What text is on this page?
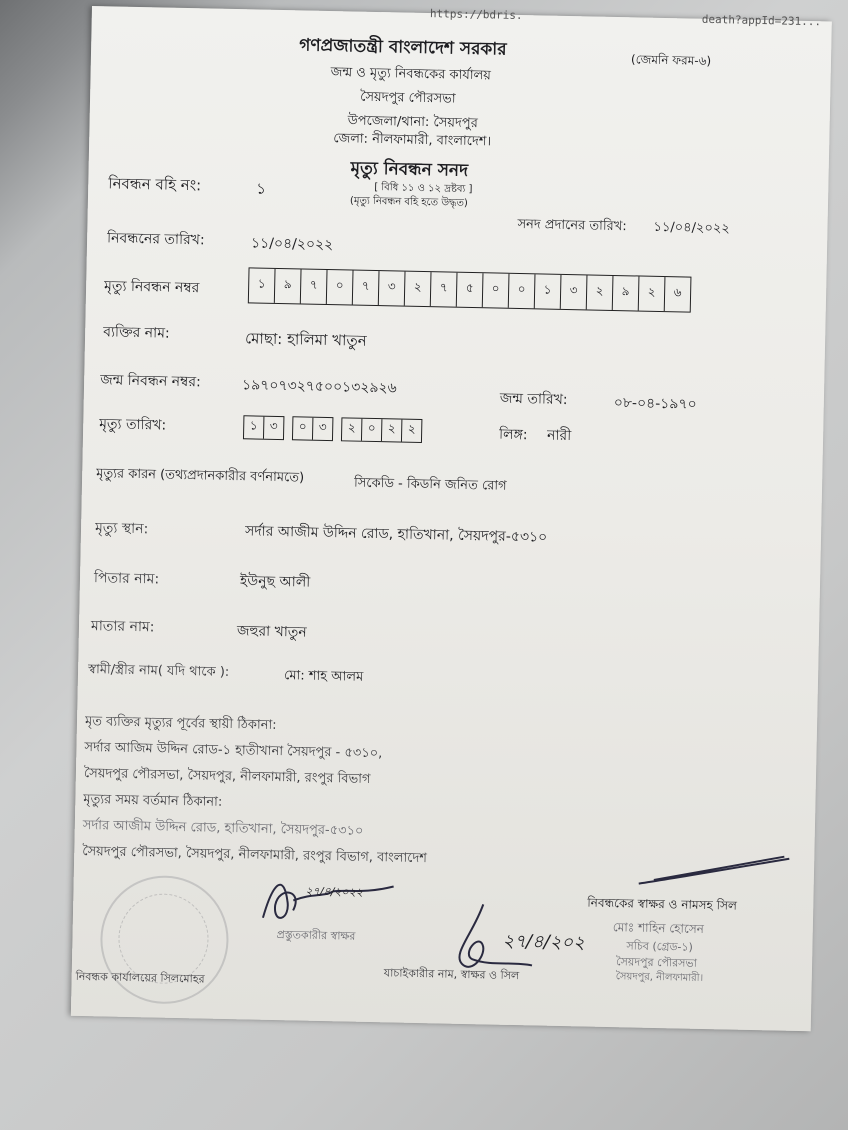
https://bdris.	death?appId=231...
গণপ্রজাতন্ত্রী বাংলাদেশ সরকার
(জেমনি ফরম-৬)
জন্ম ও মৃত্যু নিবন্ধকের কার্যালয়
সৈয়দপুর পৌরসভা
উপজেলা/থানা: সৈয়দপুর
জেলা: নীলফামারী, বাংলাদেশ।
মৃত্যু নিবন্ধন সনদ
[ বিধি ১১ ও ১২ দ্রষ্টব্য ]
(মৃত্যু নিবন্ধন বহি হতে উদ্ধৃত)
নিবন্ধন বহি নং:	১
সনদ প্রদানের তারিখ: ১১/০৪/২০২২
নিবন্ধনের তারিখ:	১১/০৪/২০২২
মৃত্যু নিবন্ধন নম্বর	১	৯	৭	০	৭	৩	২	৭	৫	০	০	১	৩	২	৯	২	৬
ব্যক্তির নাম:	মোছা: হালিমা খাতুন
জন্ম নিবন্ধন নম্বর:	১৯৭০৭৩২৭৫০০১৩২৯২৬
জন্ম তারিখ:	০৮-০৪-১৯৭০
মৃত্যু তারিখ:	১ ৩	০ ৩	২ ০ ২ ২	লিঙ্গ: নারী
মৃত্যুর কারন (তথ্যপ্রদানকারীর বর্ণনামতে)	সিকেডি - কিডনি জনিত রোগ
মৃত্যু স্থান:	সর্দার আজীম উদ্দিন রোড, হাতিখানা, সৈয়দপুর-৫৩১০
পিতার নাম:	ইউনুছ আলী
মাতার নাম:	জহুরা খাতুন
স্বামী/স্ত্রীর নাম( যদি থাকে ):	মো: শাহ আলম
মৃত ব্যক্তির মৃত্যুর পূর্বের স্থায়ী ঠিকানা:
সর্দার আজিম উদ্দিন রোড-১ হাতীখানা সৈয়দপুর - ৫৩১০,
সৈয়দপুর পৌরসভা, সৈয়দপুর, নীলফামারী, রংপুর বিভাগ
মৃত্যুর সময় বর্তমান ঠিকানা:
সর্দার আজীম উদ্দিন রোড, হাতিখানা, সৈয়দপুর-৫৩১০
সৈয়দপুর পৌরসভা, সৈয়দপুর, নীলফামারী, রংপুর বিভাগ, বাংলাদেশ
২৭/৪/২০২২
প্রস্তুতকারীর স্বাক্ষর	২৭/৪/২০২
নিবন্ধকের স্বাক্ষর ও নামসহ সিল
মোঃ শাহিন হোসেন
সচিব (গ্রেড-১)
সৈয়দপুর পৌরসভা
সৈয়দপুর, নীলফামারী।
নিবন্ধক কার্যালয়ের সিলমোহর	যাচাইকারীর নাম, স্বাক্ষর ও সিল
